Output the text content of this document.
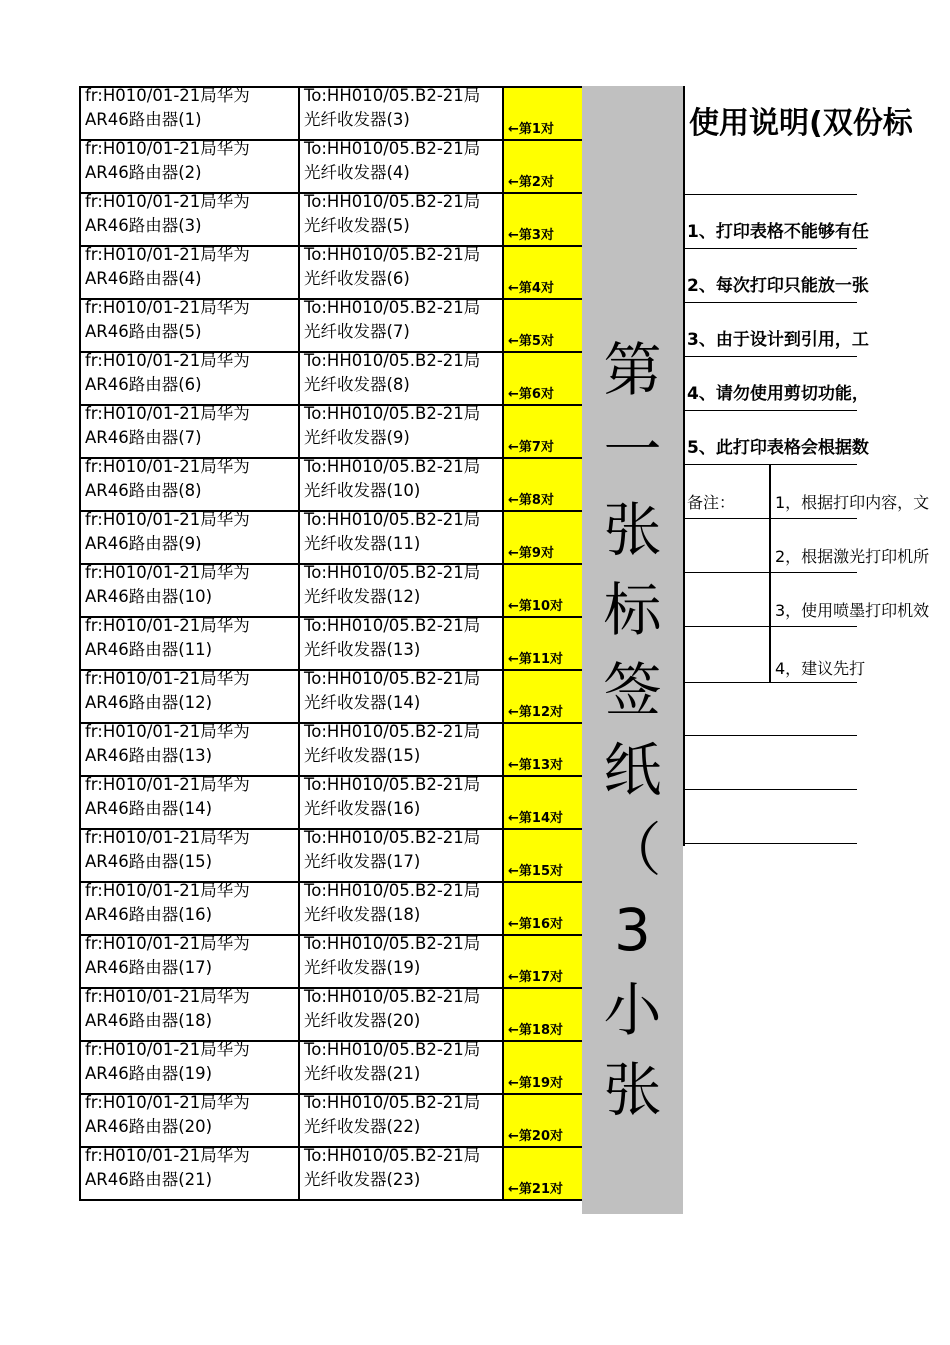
fr:H010/01-21局华为
AR46路由器(1)	To:HH010/05.B2-21局
光纤收发器(3)	←第1对

fr:H010/01-21局华为
AR46路由器(2)	To:HH010/05.B2-21局
光纤收发器(4)	←第2对

fr:H010/01-21局华为
AR46路由器(3)	To:HH010/05.B2-21局
光纤收发器(5)	←第3对

fr:H010/01-21局华为
AR46路由器(4)	To:HH010/05.B2-21局
光纤收发器(6)	←第4对

fr:H010/01-21局华为
AR46路由器(5)	To:HH010/05.B2-21局
光纤收发器(7)	←第5对

fr:H010/01-21局华为
AR46路由器(6)	To:HH010/05.B2-21局
光纤收发器(8)	←第6对

fr:H010/01-21局华为
AR46路由器(7)	To:HH010/05.B2-21局
光纤收发器(9)	←第7对

fr:H010/01-21局华为
AR46路由器(8)	To:HH010/05.B2-21局
光纤收发器(10)	←第8对

fr:H010/01-21局华为
AR46路由器(9)	To:HH010/05.B2-21局
光纤收发器(11)	←第9对

fr:H010/01-21局华为
AR46路由器(10)	To:HH010/05.B2-21局
光纤收发器(12)	←第10对

fr:H010/01-21局华为
AR46路由器(11)	To:HH010/05.B2-21局
光纤收发器(13)	←第11对

fr:H010/01-21局华为
AR46路由器(12)	To:HH010/05.B2-21局
光纤收发器(14)	←第12对

fr:H010/01-21局华为
AR46路由器(13)	To:HH010/05.B2-21局
光纤收发器(15)	←第13对

fr:H010/01-21局华为
AR46路由器(14)	To:HH010/05.B2-21局
光纤收发器(16)	←第14对

fr:H010/01-21局华为
AR46路由器(15)	To:HH010/05.B2-21局
光纤收发器(17)	←第15对

fr:H010/01-21局华为
AR46路由器(16)	To:HH010/05.B2-21局
光纤收发器(18)	←第16对

fr:H010/01-21局华为
AR46路由器(17)	To:HH010/05.B2-21局
光纤收发器(19)	←第17对

fr:H010/01-21局华为
AR46路由器(18)	To:HH010/05.B2-21局
光纤收发器(20)	←第18对

fr:H010/01-21局华为
AR46路由器(19)	To:HH010/05.B2-21局
光纤收发器(21)	←第19对

fr:H010/01-21局华为
AR46路由器(20)	To:HH010/05.B2-21局
光纤收发器(22)	←第20对

fr:H010/01-21局华为
AR46路由器(21)	To:HH010/05.B2-21局
光纤收发器(23)	←第21对
第
一
张
标
签
纸
（
3
小
张
使用说明(双份标
1、打印表格不能够有任
2、每次打印只能放一张
3、由于设计到引用，工
4、请勿使用剪切功能，
5、此打印表格会根据数
备注： 1，根据打印内容，文
2，根据激光打印机所
3，使用喷墨打印机效
4，建议先打
